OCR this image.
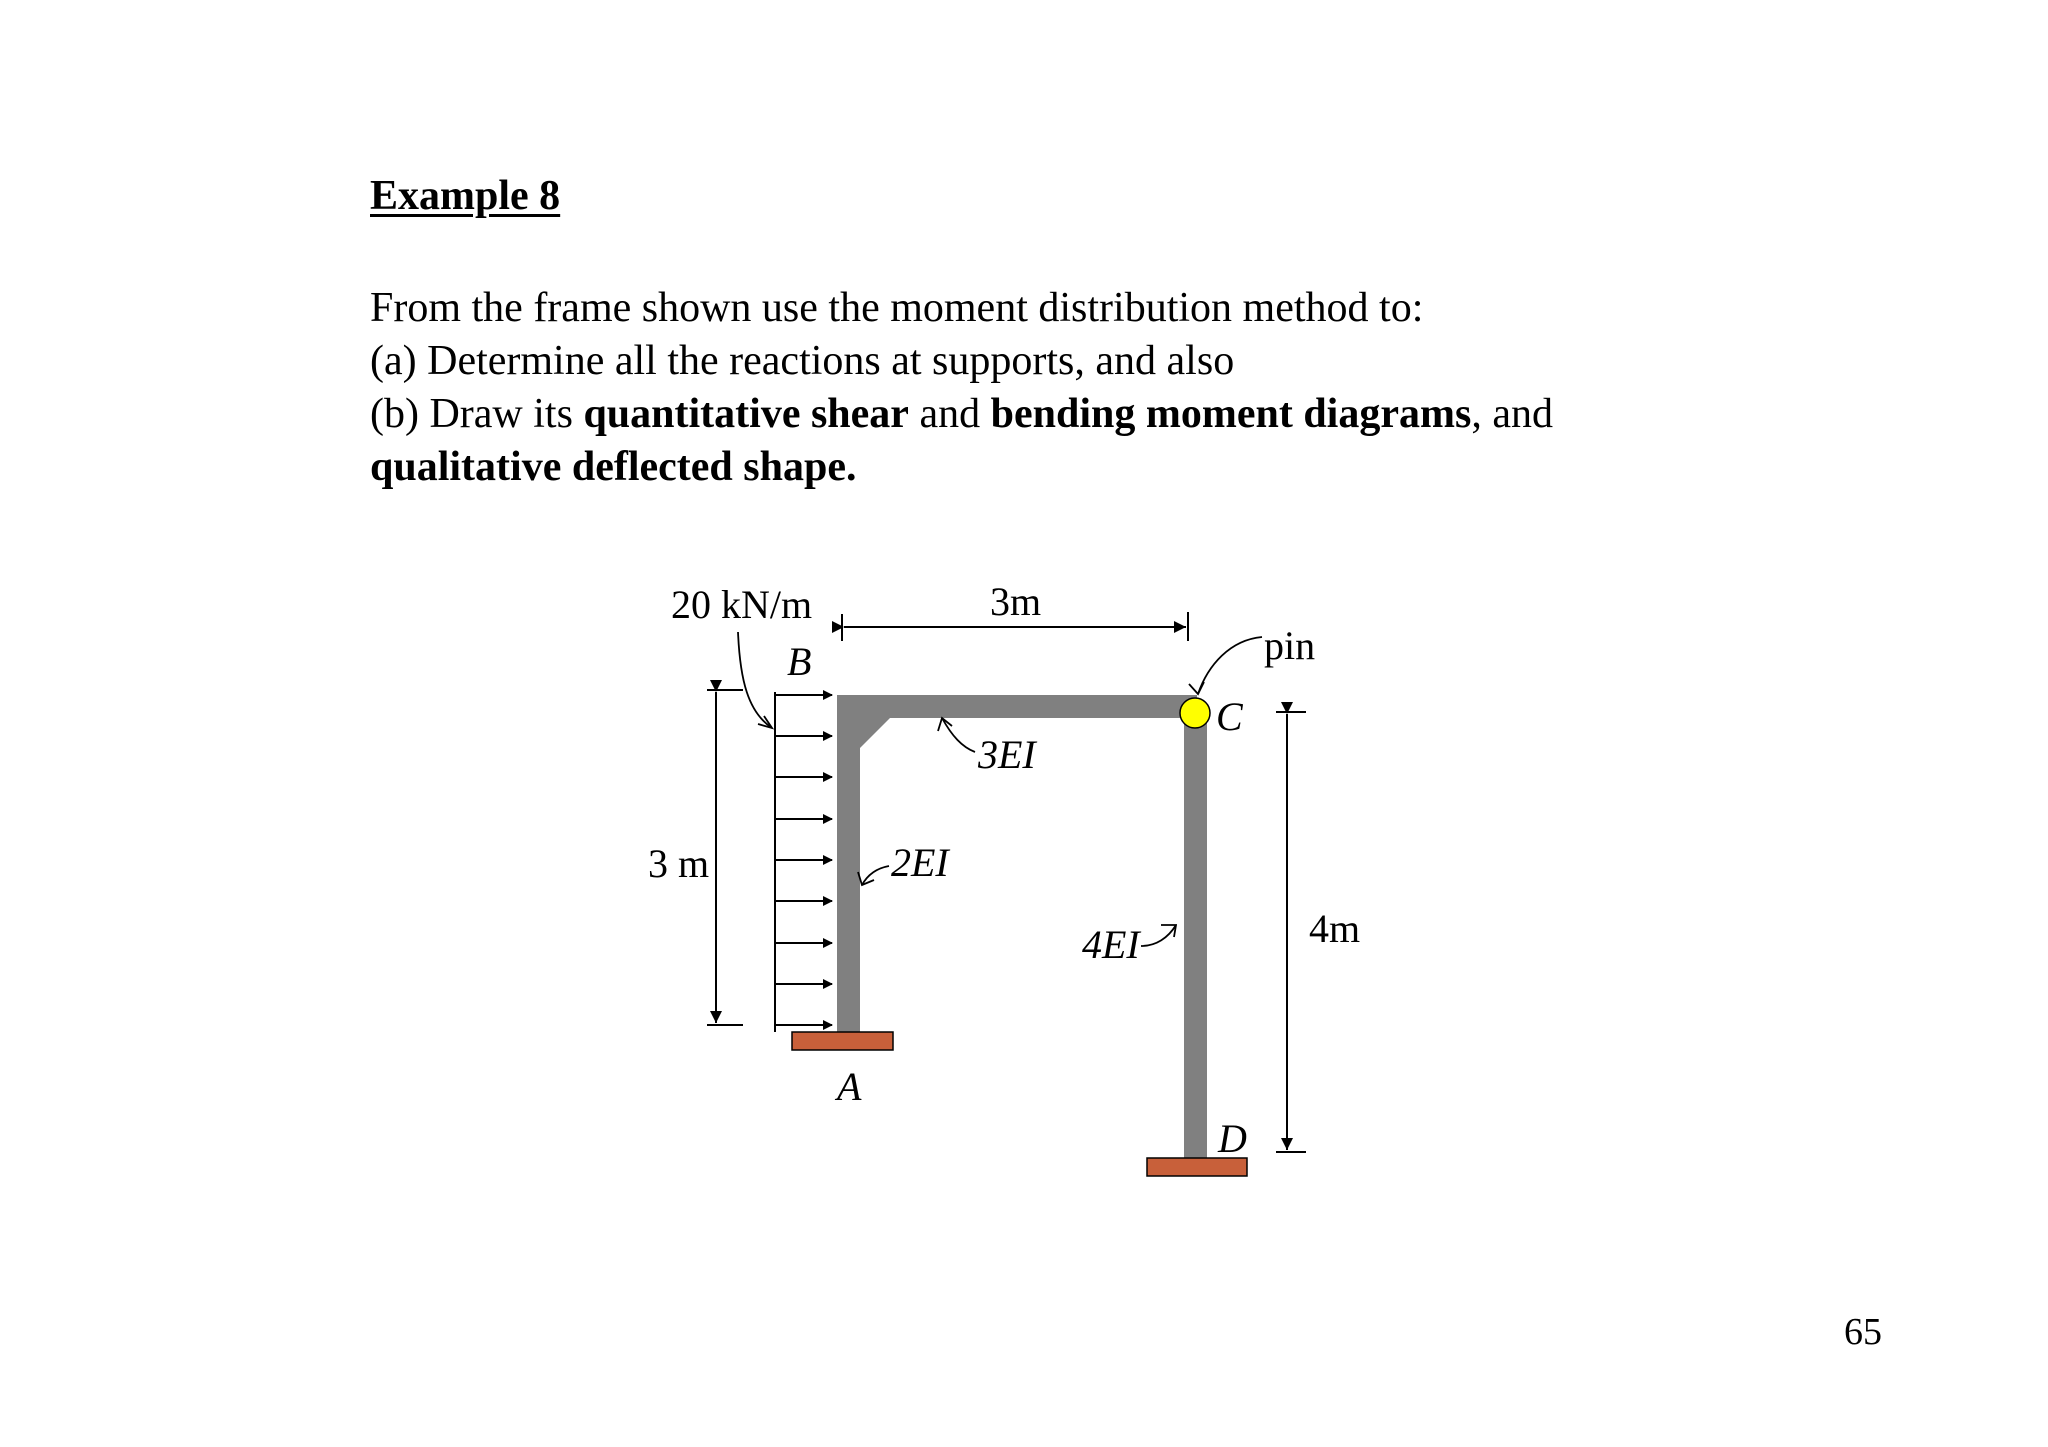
Example 8
From the frame shown use the moment distribution method to:
(a) Determine all the reactions at supports, and also
(b) Draw its quantitative shear and bending moment diagrams, and
qualitative deflected shape.
20 kN/m	3m
pin
B
C
A
D
3 m
4m
3EI
2EI
4EI
65
